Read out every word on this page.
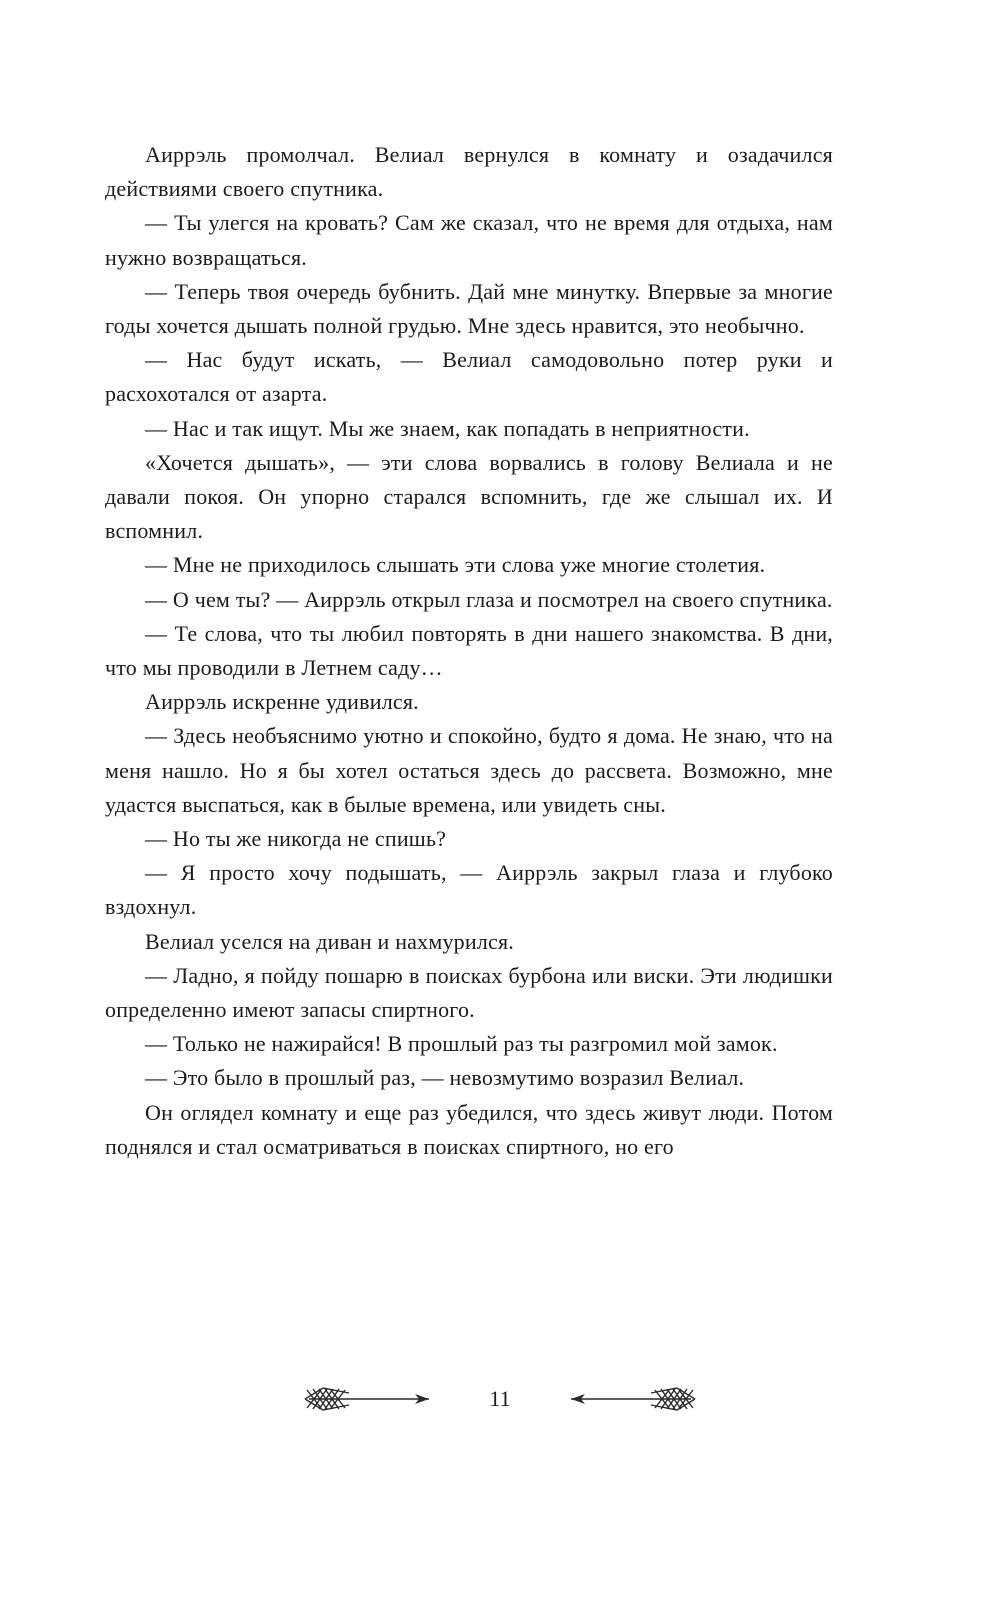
Аиррэль промолчал. Велиал вернулся в комнату и озадачился действиями своего спутника.

— Ты улегся на кровать? Сам же сказал, что не время для отдыха, нам нужно возвращаться.

— Теперь твоя очередь бубнить. Дай мне минутку. Впервые за многие годы хочется дышать полной грудью. Мне здесь нравится, это необычно.

— Нас будут искать, — Велиал самодовольно потер руки и расхохотался от азарта.

— Нас и так ищут. Мы же знаем, как попадать в неприятности.

«Хочется дышать», — эти слова ворвались в голову Велиала и не давали покоя. Он упорно старался вспомнить, где же слышал их. И вспомнил.

— Мне не приходилось слышать эти слова уже многие столетия.

— О чем ты? — Аиррэль открыл глаза и посмотрел на своего спутника.

— Те слова, что ты любил повторять в дни нашего знакомства. В дни, что мы проводили в Летнем саду…

Аиррэль искренне удивился.

— Здесь необъяснимо уютно и спокойно, будто я дома. Не знаю, что на меня нашло. Но я бы хотел остаться здесь до рассвета. Возможно, мне удастся выспаться, как в былые времена, или увидеть сны.

— Но ты же никогда не спишь?

— Я просто хочу подышать, — Аиррэль закрыл глаза и глубоко вздохнул.

Велиал уселся на диван и нахмурился.

— Ладно, я пойду пошарю в поисках бурбона или виски. Эти людишки определенно имеют запасы спиртного.

— Только не нажирайся! В прошлый раз ты разгромил мой замок.

— Это было в прошлый раз, — невозмутимо возразил Велиал.

Он оглядел комнату и еще раз убедился, что здесь живут люди. Потом поднялся и стал осматриваться в поисках спиртного, но его

11
